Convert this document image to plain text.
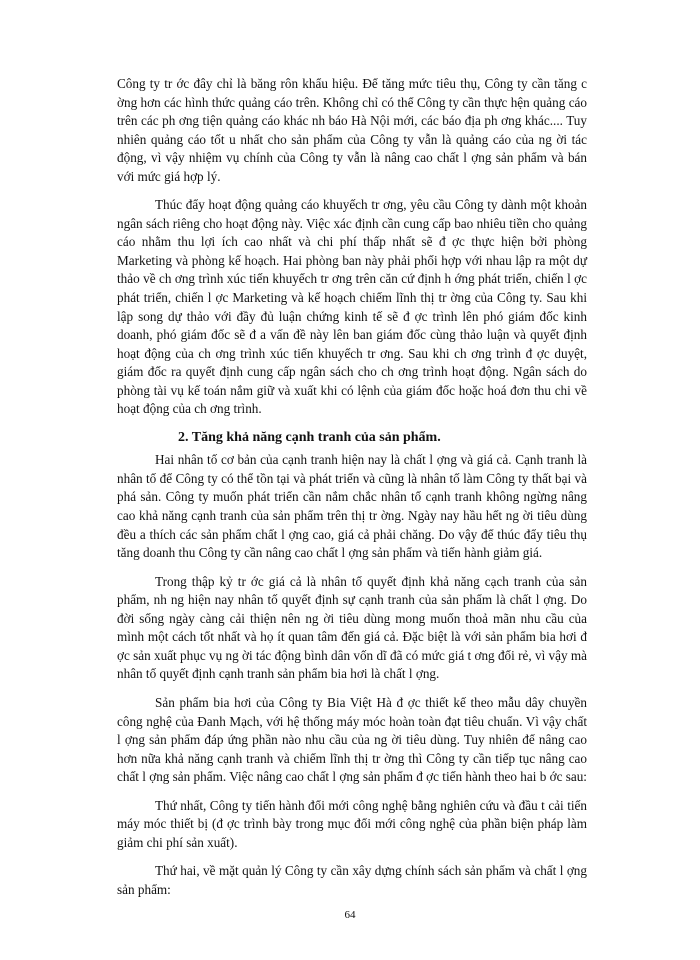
Công ty tr ớc đây chỉ là băng rôn khẩu hiệu. Để tăng mức tiêu thụ, Công ty cần tăng c ờng hơn các hình thức quảng cáo trên. Không chỉ có thể Công ty cần thực hện quảng cáo trên các ph ơng tiện quảng cáo khác nh báo Hà Nội mới, các báo địa ph ơng khác.... Tuy nhiên quảng cáo tốt u nhất cho sản phẩm của Công ty vẫn là quảng cáo của ng ời tác động, vì vậy nhiệm vụ chính của Công ty vẫn là nâng cao chất l ợng sản phẩm và bán với mức giá hợp lý.

Thúc đẩy hoạt động quảng cáo khuyếch tr ơng, yêu cầu Công ty dành một khoản ngân sách riêng cho hoạt động này. Việc xác định cần cung cấp bao nhiêu tiền cho quảng cáo nhằm thu lợi ích cao nhất và chi phí thấp nhất sẽ đ ợc thực hiện bởi phòng Marketing và phòng kế hoạch. Hai phòng ban này phải phối hợp với nhau lập ra một dự thảo về ch ơng trình xúc tiến khuyếch tr ơng trên căn cứ định h ớng phát triển, chiến l ợc phát triển, chiến l ợc Marketing và kế hoạch chiếm lĩnh thị tr ờng của Công ty. Sau khi lập song dự thảo với đầy đủ luận chứng kinh tế sẽ đ ợc trình lên phó giám đốc kinh doanh, phó giám đốc sẽ đ a vấn đề này lên ban giám đốc cùng thảo luận và quyết định hoạt động của ch ơng trình xúc tiến khuyếch tr ơng. Sau khi ch ơng trình đ ợc duyệt, giám đốc ra quyết định cung cấp ngân sách cho ch ơng trình hoạt động. Ngân sách do phòng tài vụ kế toán nắm giữ và xuất khi có lệnh của giám đốc hoặc hoá đơn thu chi về hoạt động của ch ơng trình.

2. Tăng khả năng cạnh tranh của sản phẩm.

Hai nhân tố cơ bản của cạnh tranh hiện nay là chất l ợng và giá cả. Cạnh tranh là nhân tố để Công ty có thể tồn tại và phát triển và cũng là nhân tố làm Công ty thất bại và phá sản. Công ty muốn phát triển cần nắm chắc nhân tố cạnh tranh không ngừng nâng cao khả năng cạnh tranh của sản phẩm trên thị tr ờng. Ngày nay hầu hết ng ời tiêu dùng đều a thích các sản phẩm chất l ợng cao, giá cả phải chăng. Do vậy để thúc đẩy tiêu thụ tăng doanh thu Công ty cần nâng cao chất l ợng sản phẩm và tiến hành giảm giá.

Trong thập kỷ tr ớc giá cả là nhân tố quyết định khả năng cạch tranh của sản phẩm, nh ng hiện nay nhân tố quyết định sự cạnh tranh của sản phẩm là chất l ợng. Do đời sống ngày càng cải thiện nên ng ời tiêu dùng mong muốn thoả mãn nhu cầu của mình một cách tốt nhất và họ ít quan tâm đến giá cả. Đặc biệt là với sản phẩm bia hơi đ ợc sản xuất phục vụ ng ời tác động bình dân vốn dĩ đã có mức giá t ơng đối rẻ, vì vậy mà nhân tố quyết định cạnh tranh sản phẩm bia hơi là chất l ợng.

Sản phẩm bia hơi của Công ty Bia Việt Hà đ ợc thiết kế theo mẫu dây chuyền công nghệ của Đanh Mạch, với hệ thống máy móc hoàn toàn đạt tiêu chuẩn. Vì vậy chất l ợng sản phẩm đáp ứng phần nào nhu cầu của ng ời tiêu dùng. Tuy nhiên để nâng cao hơn nữa khả năng cạnh tranh và chiếm lĩnh thị tr ờng thì Công ty cần tiếp tục nâng cao chất l ợng sản phẩm. Việc nâng cao chất l ợng sản phẩm đ ợc tiến hành theo hai b ớc sau:

Thứ nhất, Công ty tiến hành đổi mới công nghệ bằng nghiên cứu và đầu t cải tiến máy móc thiết bị (đ ợc trình bày trong mục đổi mới công nghệ của phần biện pháp làm giảm chi phí sản xuất).

Thứ hai, về mặt quản lý Công ty cần xây dựng chính sách sản phẩm và chất l ợng sản phẩm:

64
